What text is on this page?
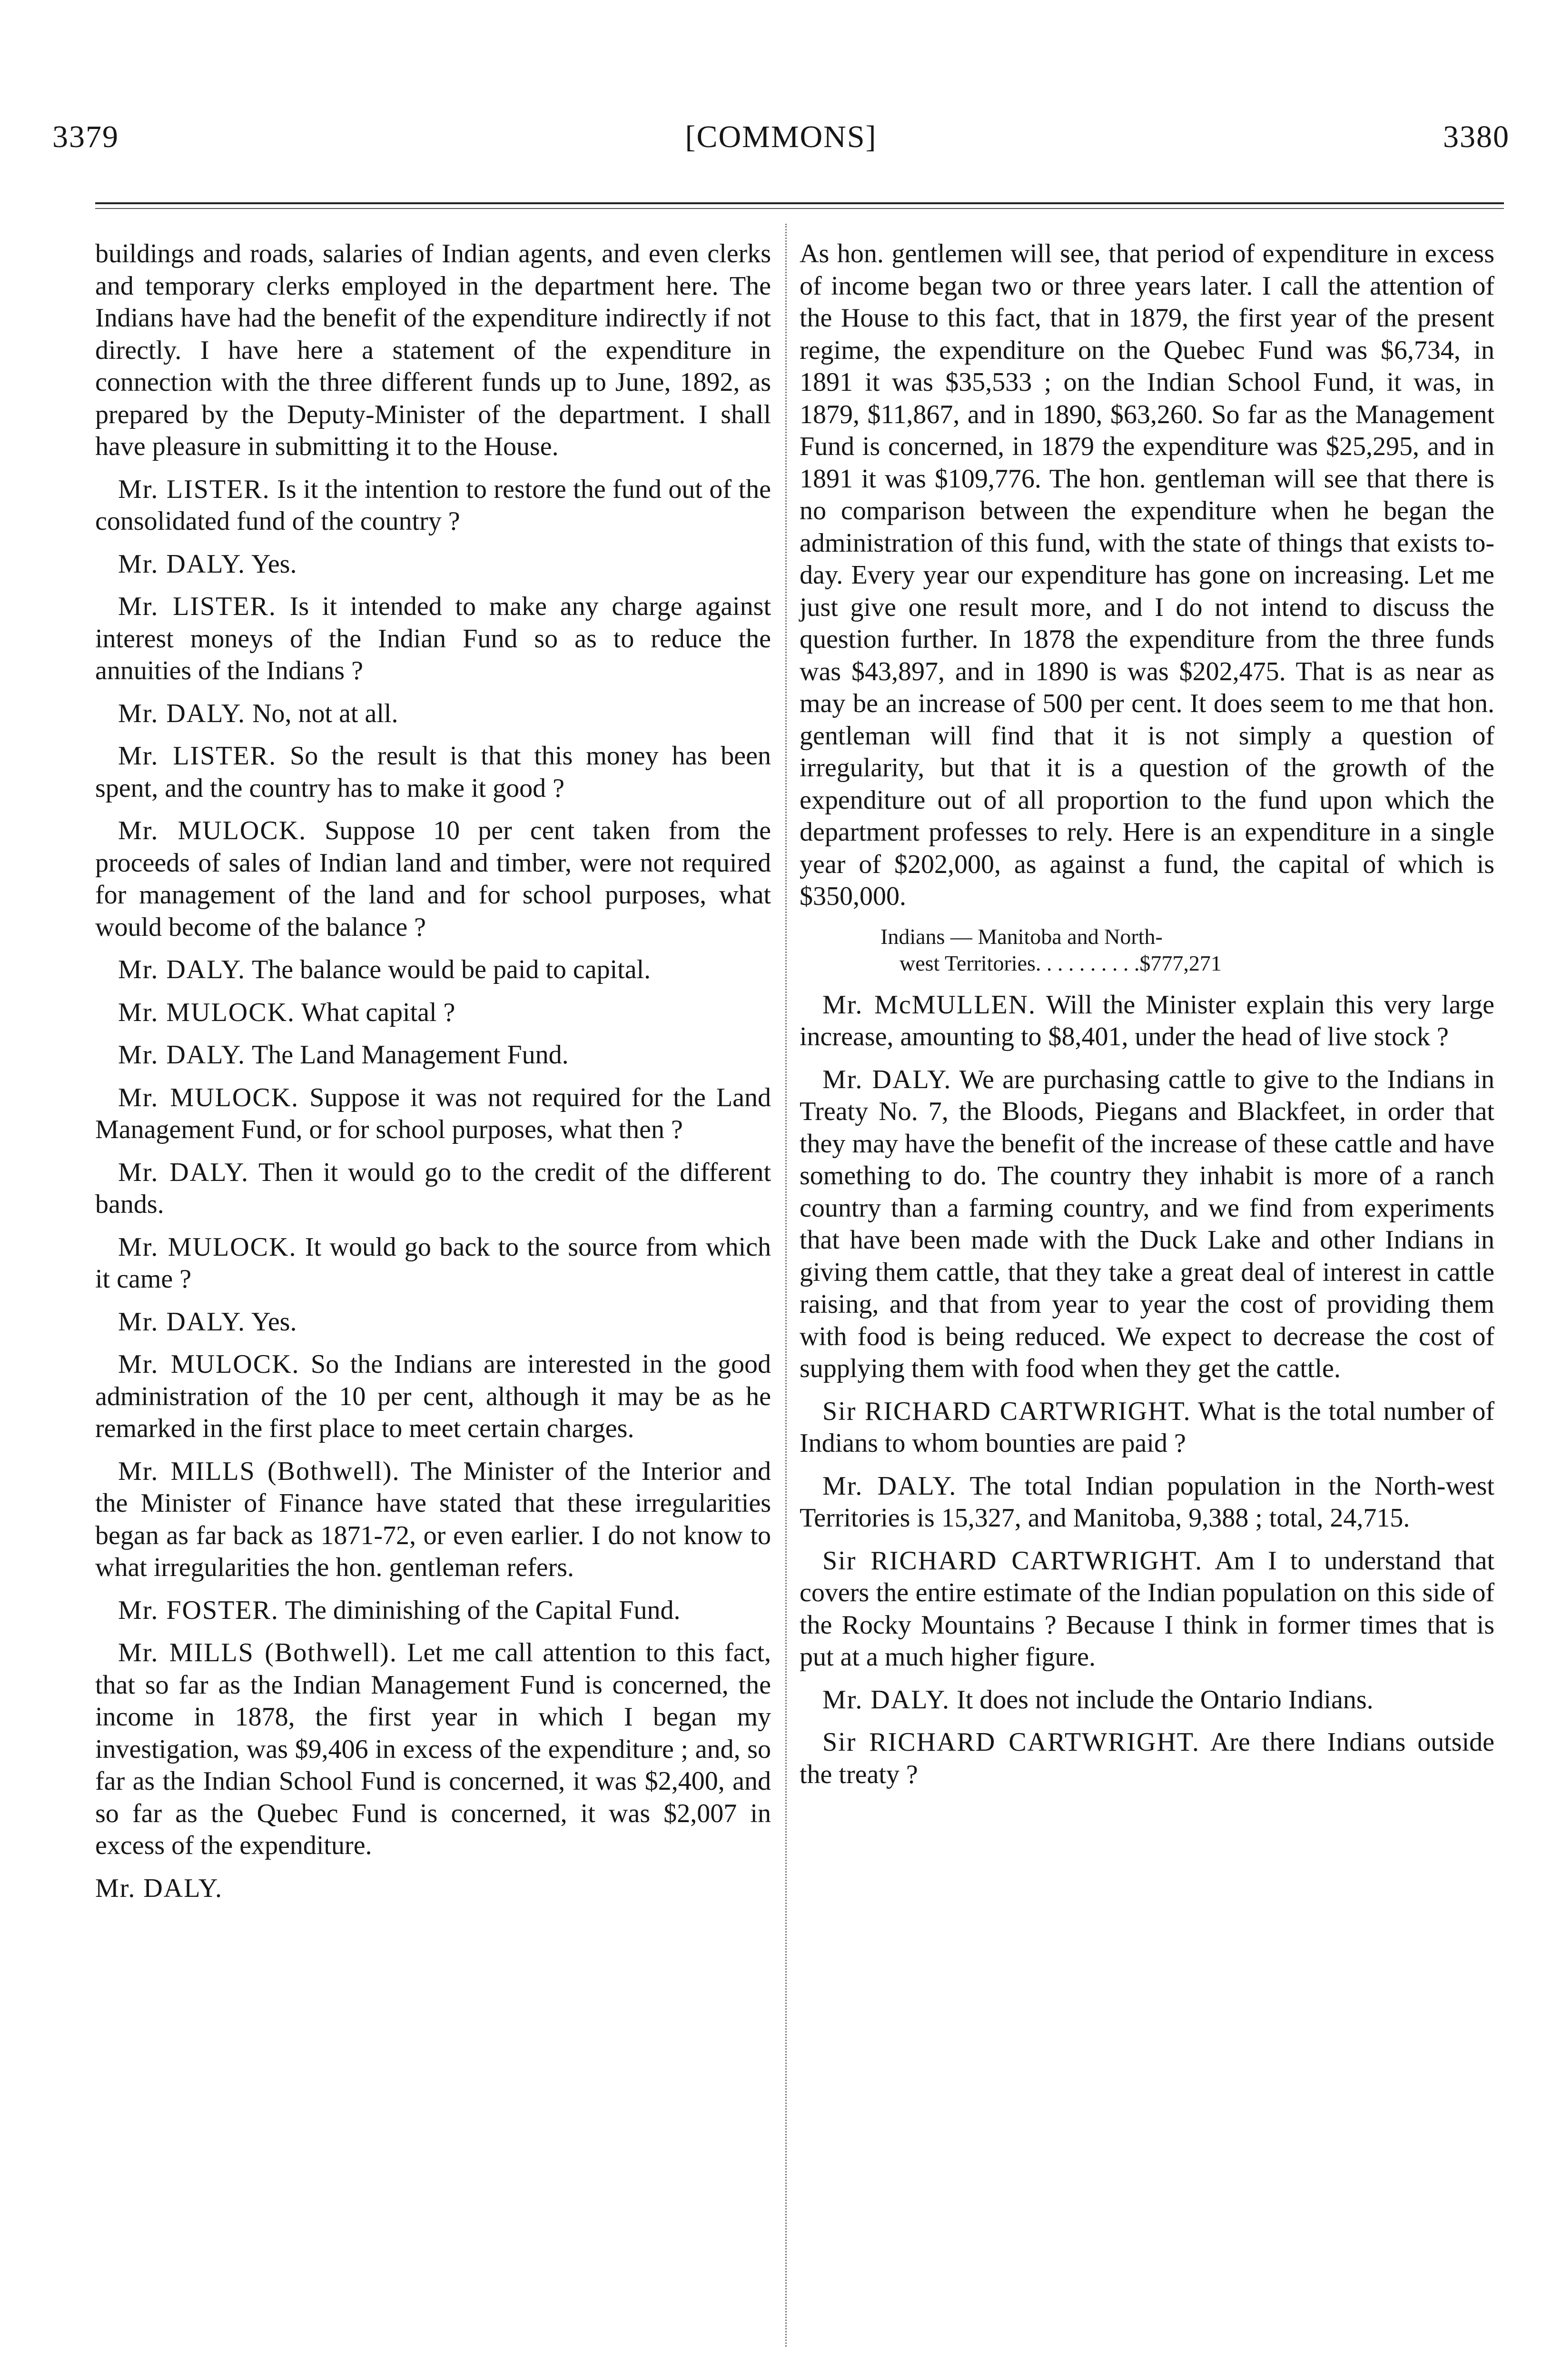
3379	[COMMONS]	3380

buildings and roads, salaries of Indian agents, and even clerks and temporary clerks employed in the department here. The Indians have had the benefit of the expenditure indirectly if not directly. I have here a statement of the expenditure in connection with the three different funds up to June, 1892, as prepared by the Deputy-Minister of the department. I shall have pleasure in submitting it to the House.

Mr. LISTER. Is it the intention to restore the fund out of the consolidated fund of the country ?

Mr. DALY. Yes.

Mr. LISTER. Is it intended to make any charge against interest moneys of the Indian Fund so as to reduce the annuities of the Indians ?

Mr. DALY. No, not at all.

Mr. LISTER. So the result is that this money has been spent, and the country has to make it good ?

Mr. MULOCK. Suppose 10 per cent taken from the proceeds of sales of Indian land and timber, were not required for management of the land and for school purposes, what would become of the balance ?

Mr. DALY. The balance would be paid to capital.

Mr. MULOCK. What capital ?

Mr. DALY. The Land Management Fund.

Mr. MULOCK. Suppose it was not required for the Land Management Fund, or for school purposes, what then ?

Mr. DALY. Then it would go to the credit of the different bands.

Mr. MULOCK. It would go back to the source from which it came ?

Mr. DALY. Yes.

Mr. MULOCK. So the Indians are interested in the good administration of the 10 per cent, although it may be as he remarked in the first place to meet certain charges.

Mr. MILLS (Bothwell). The Minister of the Interior and the Minister of Finance have stated that these irregularities began as far back as 1871-72, or even earlier. I do not know to what irregularities the hon. gentleman refers.

Mr. FOSTER. The diminishing of the Capital Fund.

Mr. MILLS (Bothwell). Let me call attention to this fact, that so far as the Indian Management Fund is concerned, the income in 1878, the first year in which I began my investigation, was $9,406 in excess of the expenditure ; and, so far as the Indian School Fund is concerned, it was $2,400, and so far as the Quebec Fund is concerned, it was $2,007 in excess of the expenditure.

Mr. DALY.

As hon. gentlemen will see, that period of expenditure in excess of income began two or three years later. I call the attention of the House to this fact, that in 1879, the first year of the present regime, the expenditure on the Quebec Fund was $6,734, in 1891 it was $35,533 ; on the Indian School Fund, it was, in 1879, $11,867, and in 1890, $63,260. So far as the Management Fund is concerned, in 1879 the expenditure was $25,295, and in 1891 it was $109,776. The hon. gentleman will see that there is no comparison between the expenditure when he began the administration of this fund, with the state of things that exists to-day. Every year our expenditure has gone on increasing. Let me just give one result more, and I do not intend to discuss the question further. In 1878 the expenditure from the three funds was $43,897, and in 1890 is was $202,475. That is as near as may be an increase of 500 per cent. It does seem to me that hon. gentleman will find that it is not simply a question of irregularity, but that it is a question of the growth of the expenditure out of all proportion to the fund upon which the department professes to rely. Here is an expenditure in a single year of $202,000, as against a fund, the capital of which is $350,000.

Indians — Manitoba and North-
west Territories. . . . . . . . . .$777,271

Mr. McMULLEN. Will the Minister explain this very large increase, amounting to $8,401, under the head of live stock ?

Mr. DALY. We are purchasing cattle to give to the Indians in Treaty No. 7, the Bloods, Piegans and Blackfeet, in order that they may have the benefit of the increase of these cattle and have something to do. The country they inhabit is more of a ranch country than a farming country, and we find from experiments that have been made with the Duck Lake and other Indians in giving them cattle, that they take a great deal of interest in cattle raising, and that from year to year the cost of providing them with food is being reduced. We expect to decrease the cost of supplying them with food when they get the cattle.

Sir RICHARD CARTWRIGHT. What is the total number of Indians to whom bounties are paid ?

Mr. DALY. The total Indian population in the North-west Territories is 15,327, and Manitoba, 9,388 ; total, 24,715.

Sir RICHARD CARTWRIGHT. Am I to understand that covers the entire estimate of the Indian population on this side of the Rocky Mountains ? Because I think in former times that is put at a much higher figure.

Mr. DALY. It does not include the Ontario Indians.

Sir RICHARD CARTWRIGHT. Are there Indians outside the treaty ?
